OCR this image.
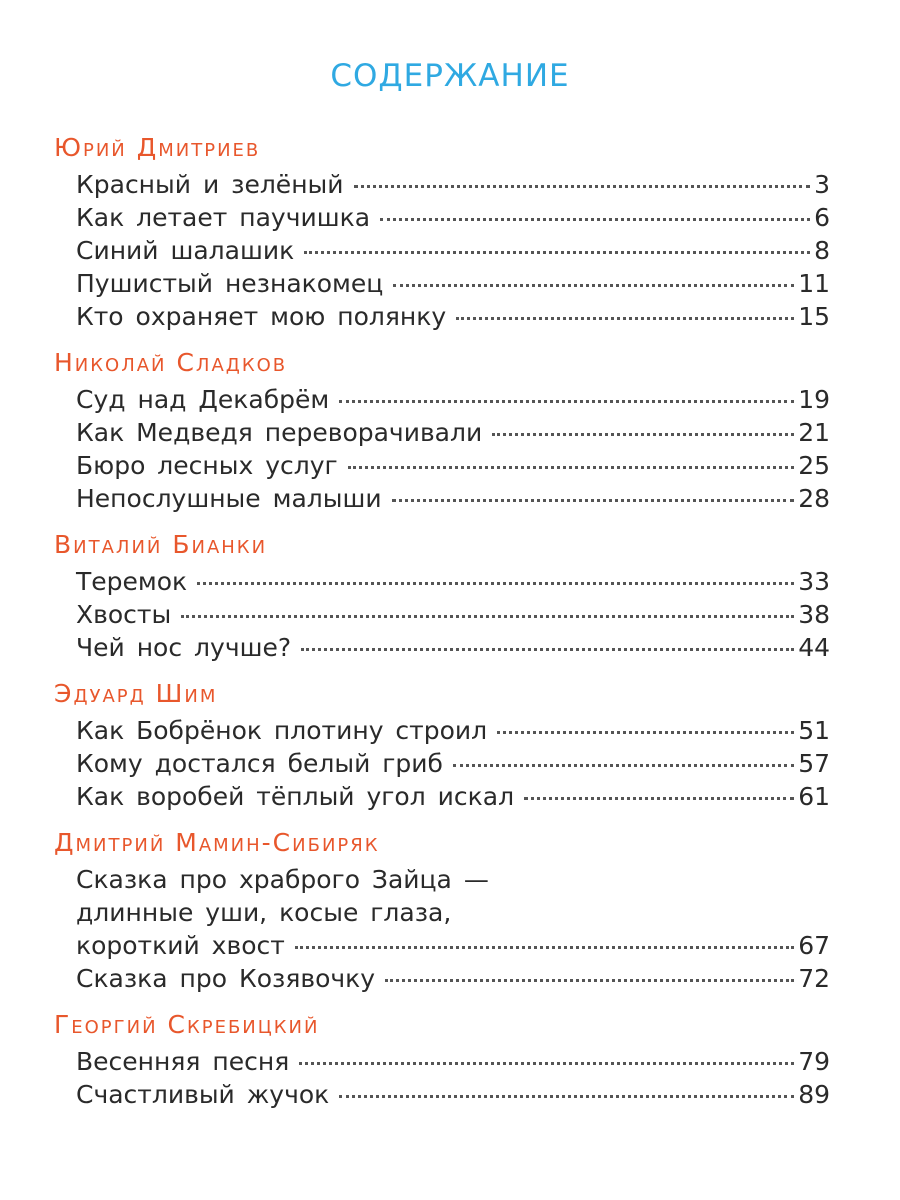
СОДЕРЖАНИЕ
Юрий Дмитриев
Красный и зелёный	3
Как летает паучишка	6
Синий шалашик	8
Пушистый незнакомец	11
Кто охраняет мою полянку	15
Николай Сладков
Суд над Декабрём	19
Как Медведя переворачивали	21
Бюро лесных услуг	25
Непослушные малыши	28
Виталий Бианки
Теремок	33
Хвосты	38
Чей нос лучше?	44
Эдуард Шим
Как Бобрёнок плотину строил	51
Кому достался белый гриб	57
Как воробей тёплый угол искал	61
Дмитрий Мамин-Сибиряк
Сказка про храброго Зайца —
длинные уши, косые глаза,
короткий хвост	67
Сказка про Козявочку	72
Георгий Скребицкий
Весенняя песня	79
Счастливый жучок	89
